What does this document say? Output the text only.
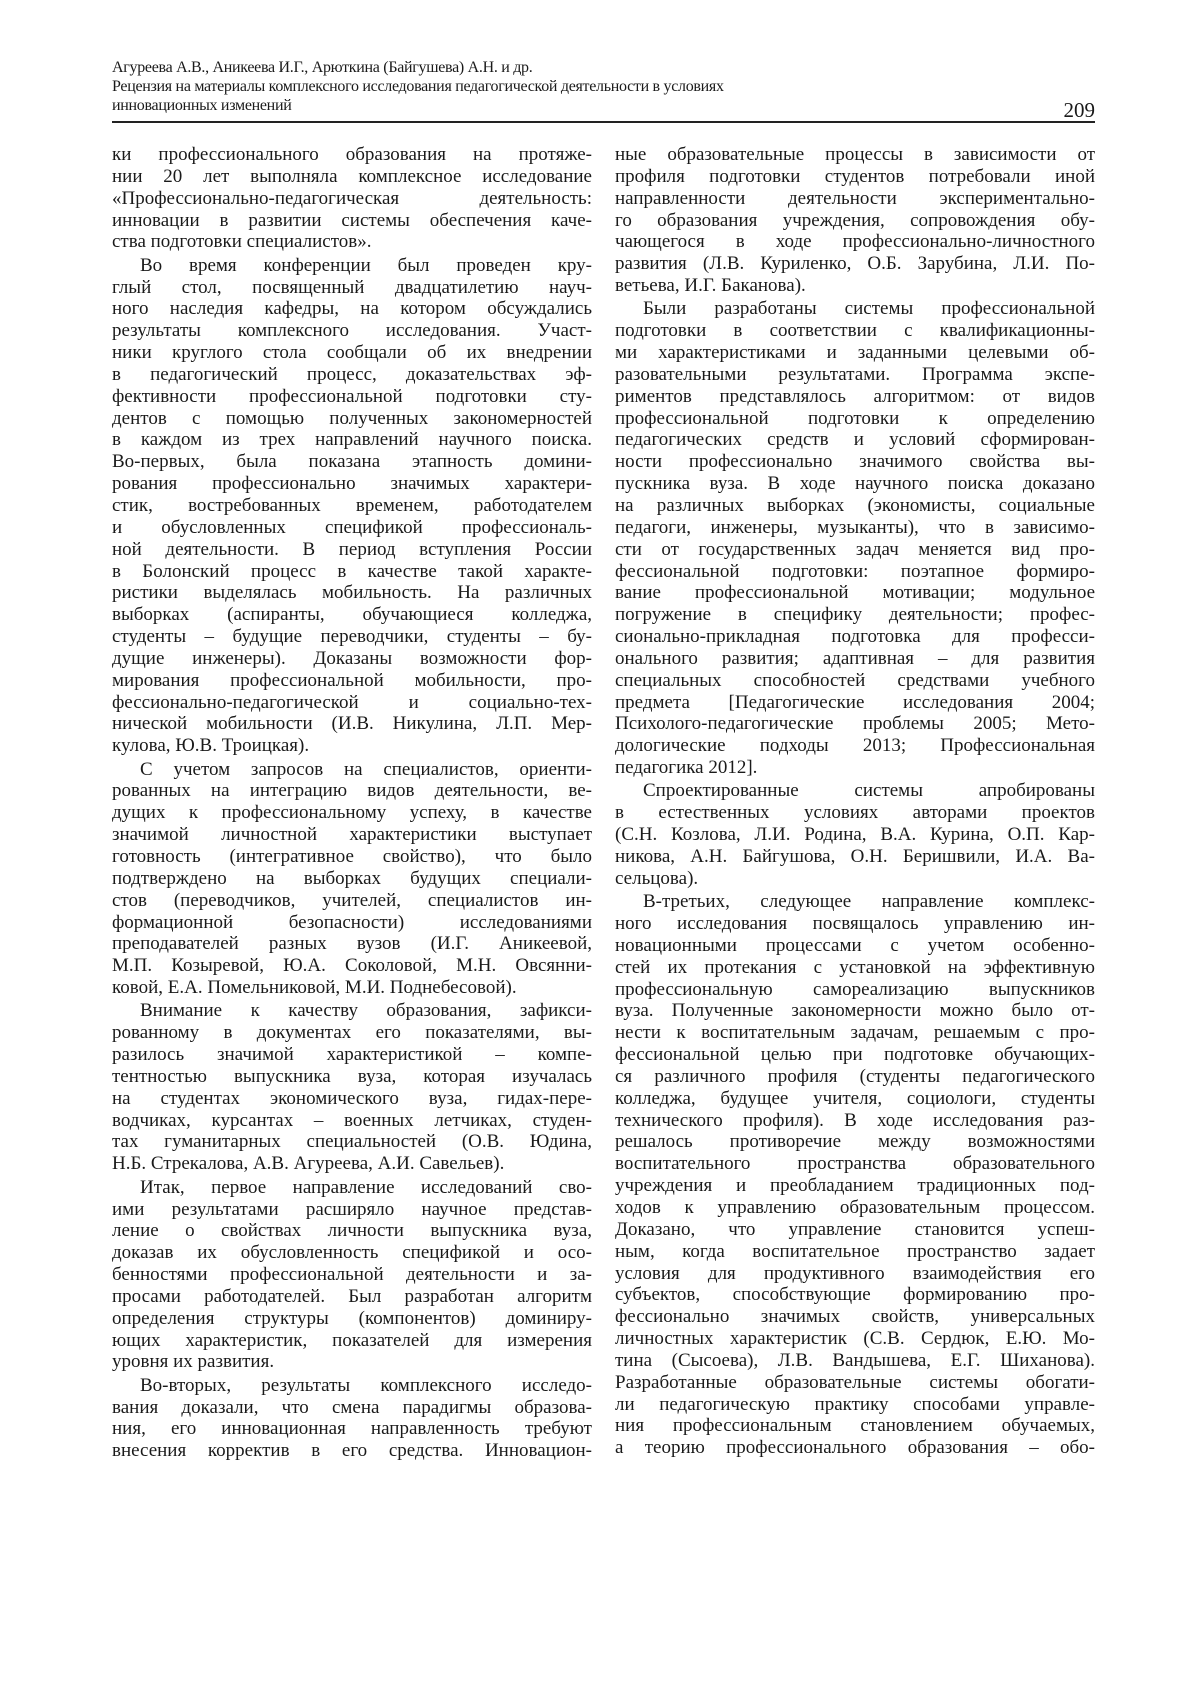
Агуреева А.В., Аникеева И.Г., Арюткина (Байгушева) А.Н. и др.
Рецензия на материалы комплексного исследования педагогической деятельности в условиях
инновационных изменений	209
ки профессионального образования на протяже-
нии 20 лет выполняла комплексное исследование
«Профессионально-педагогическая деятельность:
инновации в развитии системы обеспечения каче-
ства подготовки специалистов».
Во время конференции был проведен кру-
глый стол, посвященный двадцатилетию науч-
ного наследия кафедры, на котором обсуждались
результаты комплексного исследования. Участ-
ники круглого стола сообщали об их внедрении
в педагогический процесс, доказательствах эф-
фективности профессиональной подготовки сту-
дентов с помощью полученных закономерностей
в каждом из трех направлений научного поиска.
Во-первых, была показана этапность домини-
рования профессионально значимых характери-
стик, востребованных временем, работодателем
и обусловленных спецификой профессиональ-
ной деятельности. В период вступления России
в Болонский процесс в качестве такой характе-
ристики выделялась мобильность. На различных
выборках (аспиранты, обучающиеся колледжа,
студенты – будущие переводчики, студенты – бу-
дущие инженеры). Доказаны возможности фор-
мирования профессиональной мобильности, про-
фессионально-педагогической и социально-тех-
нической мобильности (И.В. Никулина, Л.П. Мер-
кулова, Ю.В. Троицкая).
С учетом запросов на специалистов, ориенти-
рованных на интеграцию видов деятельности, ве-
дущих к профессиональному успеху, в качестве
значимой личностной характеристики выступает
готовность (интегративное свойство), что было
подтверждено на выборках будущих специали-
стов (переводчиков, учителей, специалистов ин-
формационной безопасности) исследованиями
преподавателей разных вузов (И.Г. Аникеевой,
М.П. Козыревой, Ю.А. Соколовой, М.Н. Овсянни-
ковой, Е.А. Помельниковой, М.И. Поднебесовой).
Внимание к качеству образования, зафикси-
рованному в документах его показателями, вы-
разилось значимой характеристикой – компе-
тентностью выпускника вуза, которая изучалась
на студентах экономического вуза, гидах-пере-
водчиках, курсантах – военных летчиках, студен-
тах гуманитарных специальностей (О.В. Юдина,
Н.Б. Стрекалова, А.В. Агуреева, А.И. Савельев).
Итак, первое направление исследований сво-
ими результатами расширяло научное представ-
ление о свойствах личности выпускника вуза,
доказав их обусловленность спецификой и осо-
бенностями профессиональной деятельности и за-
просами работодателей. Был разработан алгоритм
определения структуры (компонентов) доминиру-
ющих характеристик, показателей для измерения
уровня их развития.
Во-вторых, результаты комплексного исследо-
вания доказали, что смена парадигмы образова-
ния, его инновационная направленность требуют
внесения корректив в его средства. Инновацион-
ные образовательные процессы в зависимости от
профиля подготовки студентов потребовали иной
направленности деятельности экспериментально-
го образования учреждения, сопровождения обу-
чающегося в ходе профессионально-личностного
развития (Л.В. Куриленко, О.Б. Зарубина, Л.И. По-
ветьева, И.Г. Баканова).
Были разработаны системы профессиональной
подготовки в соответствии с квалификационны-
ми характеристиками и заданными целевыми об-
разовательными результатами. Программа экспе-
риментов представлялось алгоритмом: от видов
профессиональной подготовки к определению
педагогических средств и условий сформирован-
ности профессионально значимого свойства вы-
пускника вуза. В ходе научного поиска доказано
на различных выборках (экономисты, социальные
педагоги, инженеры, музыканты), что в зависимо-
сти от государственных задач меняется вид про-
фессиональной подготовки: поэтапное формиро-
вание профессиональной мотивации; модульное
погружение в специфику деятельности; профес-
сионально-прикладная подготовка для професси-
онального развития; адаптивная – для развития
специальных способностей средствами учебного
предмета [Педагогические исследования 2004;
Психолого-педагогические проблемы 2005; Мето-
дологические подходы 2013; Профессиональная
педагогика 2012].
Спроектированные системы апробированы
в естественных условиях авторами проектов
(С.Н. Козлова, Л.И. Родина, В.А. Курина, О.П. Кар-
никова, А.Н. Байгушова, О.Н. Беришвили, И.А. Ва-
сельцова).
В-третьих, следующее направление комплекс-
ного исследования посвящалось управлению ин-
новационными процессами с учетом особенно-
стей их протекания с установкой на эффективную
профессиональную самореализацию выпускников
вуза. Полученные закономерности можно было от-
нести к воспитательным задачам, решаемым с про-
фессиональной целью при подготовке обучающих-
ся различного профиля (студенты педагогического
колледжа, будущее учителя, социологи, студенты
технического профиля). В ходе исследования раз-
решалось противоречие между возможностями
воспитательного пространства образовательного
учреждения и преобладанием традиционных под-
ходов к управлению образовательным процессом.
Доказано, что управление становится успеш-
ным, когда воспитательное пространство задает
условия для продуктивного взаимодействия его
субъектов, способствующие формированию про-
фессионально значимых свойств, универсальных
личностных характеристик (С.В. Сердюк, Е.Ю. Мо-
тина (Сысоева), Л.В. Вандышева, Е.Г. Шиханова).
Разработанные образовательные системы обогати-
ли педагогическую практику способами управле-
ния профессиональным становлением обучаемых,
а теорию профессионального образования – обо-
